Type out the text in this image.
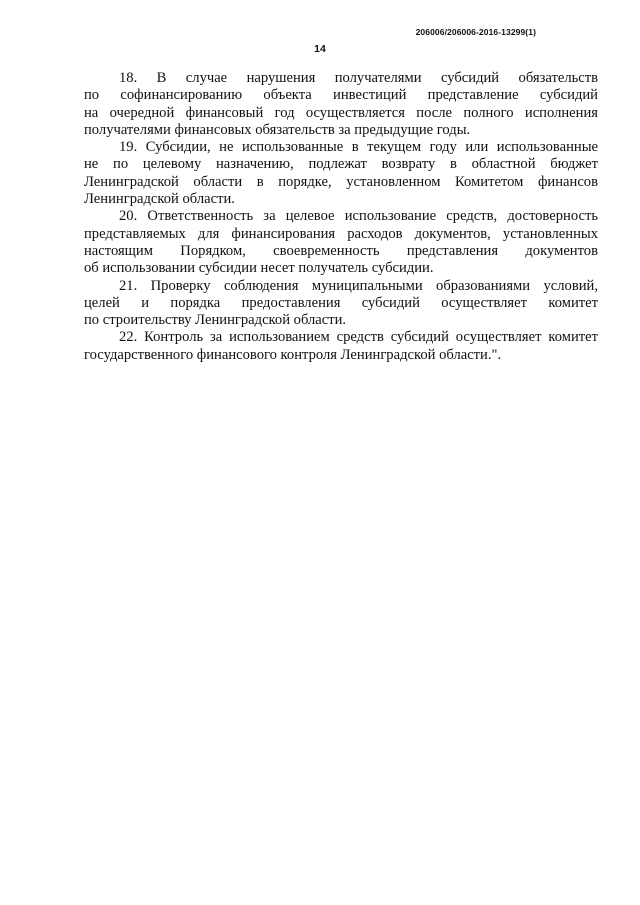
206006/206006-2016-13299(1)
14

18. В случае нарушения получателями субсидий обязательств
по софинансированию объекта инвестиций представление субсидий
на очередной финансовый год осуществляется после полного исполнения
получателями финансовых обязательств за предыдущие годы.

19. Субсидии, не использованные в текущем году или использованные
не по целевому назначению, подлежат возврату в областной бюджет
Ленинградской области в порядке, установленном Комитетом финансов
Ленинградской области.

20. Ответственность за целевое использование средств, достоверность
представляемых для финансирования расходов документов, установленных
настоящим Порядком, своевременность представления документов
об использовании субсидии несет получатель субсидии.

21. Проверку соблюдения муниципальными образованиями условий,
целей и порядка предоставления субсидий осуществляет комитет
по строительству Ленинградской области.

22. Контроль за использованием средств субсидий осуществляет комитет
государственного финансового контроля Ленинградской области.".
